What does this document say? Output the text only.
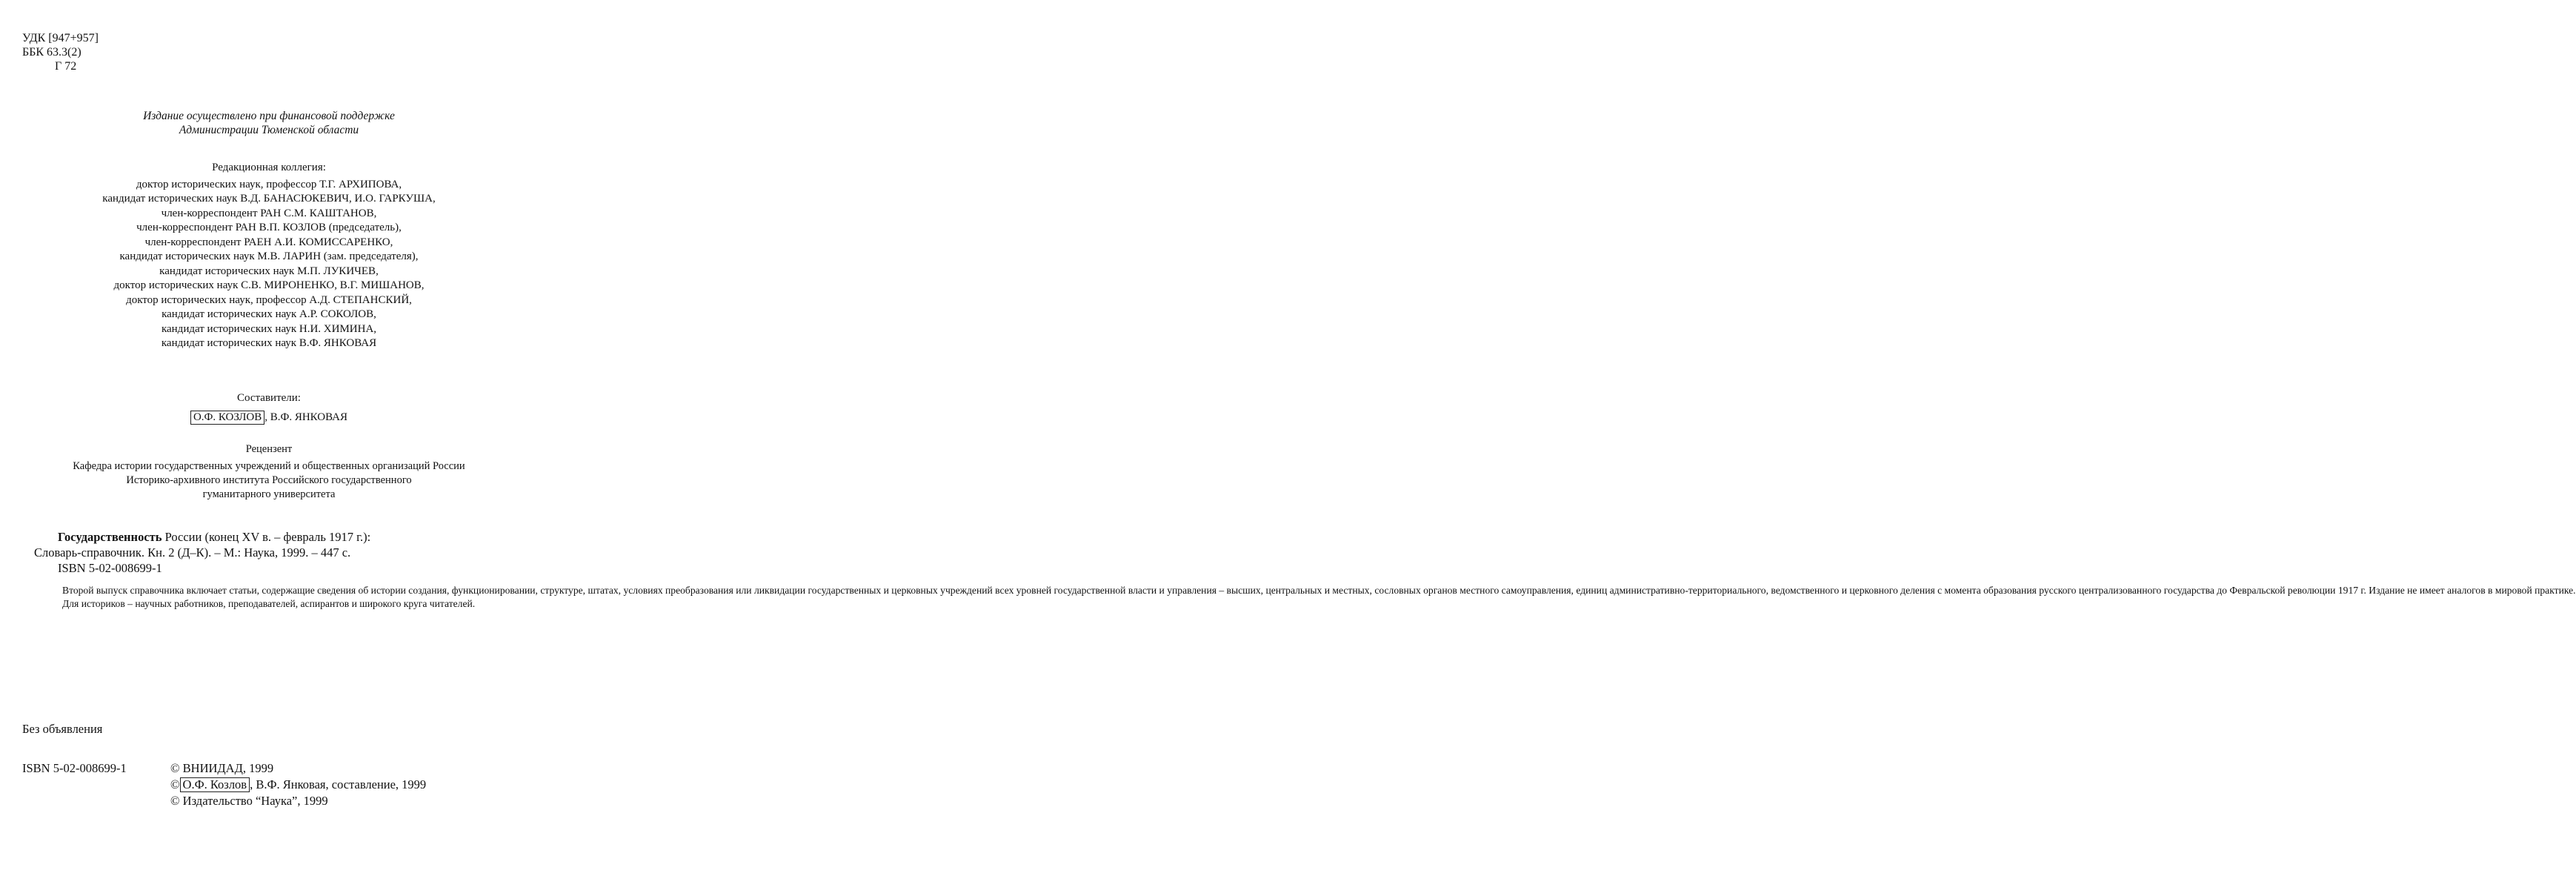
УДК [947+957]
ББК 63.3(2)
Г 72
Издание осуществлено при финансовой поддержке
Администрации Тюменской области
Редакционная коллегия:
доктор исторических наук, профессор Т.Г. АРХИПОВА,
кандидат исторических наук В.Д. БАНАСЮКЕВИЧ, И.О. ГАРКУША,
член-корреспондент РАН С.М. КАШТАНОВ,
член-корреспондент РАН В.П. КОЗЛОВ (председатель),
член-корреспондент РАЕН А.И. КОМИССАРЕНКО,
кандидат исторических наук М.В. ЛАРИН (зам. председателя),
кандидат исторических наук М.П. ЛУКИЧЕВ,
доктор исторических наук С.В. МИРОНЕНКО, В.Г. МИШАНОВ,
доктор исторических наук, профессор А.Д. СТЕПАНСКИЙ,
кандидат исторических наук А.Р. СОКОЛОВ,
кандидат исторических наук Н.И. ХИМИНА,
кандидат исторических наук В.Ф. ЯНКОВАЯ
Составители:
О.Ф. КОЗЛОВ , В.Ф. ЯНКОВАЯ
Рецензент
Кафедра истории государственных учреждений и общественных организаций России
Историко-архивного института Российского государственного
гуманитарного университета
Государственность России (конец XV в. – февраль 1917 г.):
Словарь-справочник. Кн. 2 (Д–К). – М.: Наука, 1999. – 447 с.
ISBN 5-02-008699-1

Второй выпуск справочника включает статьи, содержащие сведения об истории создания, функционировании, структуре, штатах, условиях преобразования или ликвидации государственных и церковных учреждений всех уровней государственной власти и управления – высших, центральных и местных, сословных органов местного самоуправления, единиц административно-территориального, ведомственного и церковного деления с момента образования русского централизованного государства до Февральской революции 1917 г. Издание не имеет аналогов в мировой практике.

Для историков – научных работников, преподавателей, аспирантов и широкого круга читателей.

Без объявления
ISBN 5-02-008699-1	© ВНИИДАД, 1999
© О.Ф. Козлов , В.Ф. Янковая, составление, 1999
© Издательство “Наука”, 1999
